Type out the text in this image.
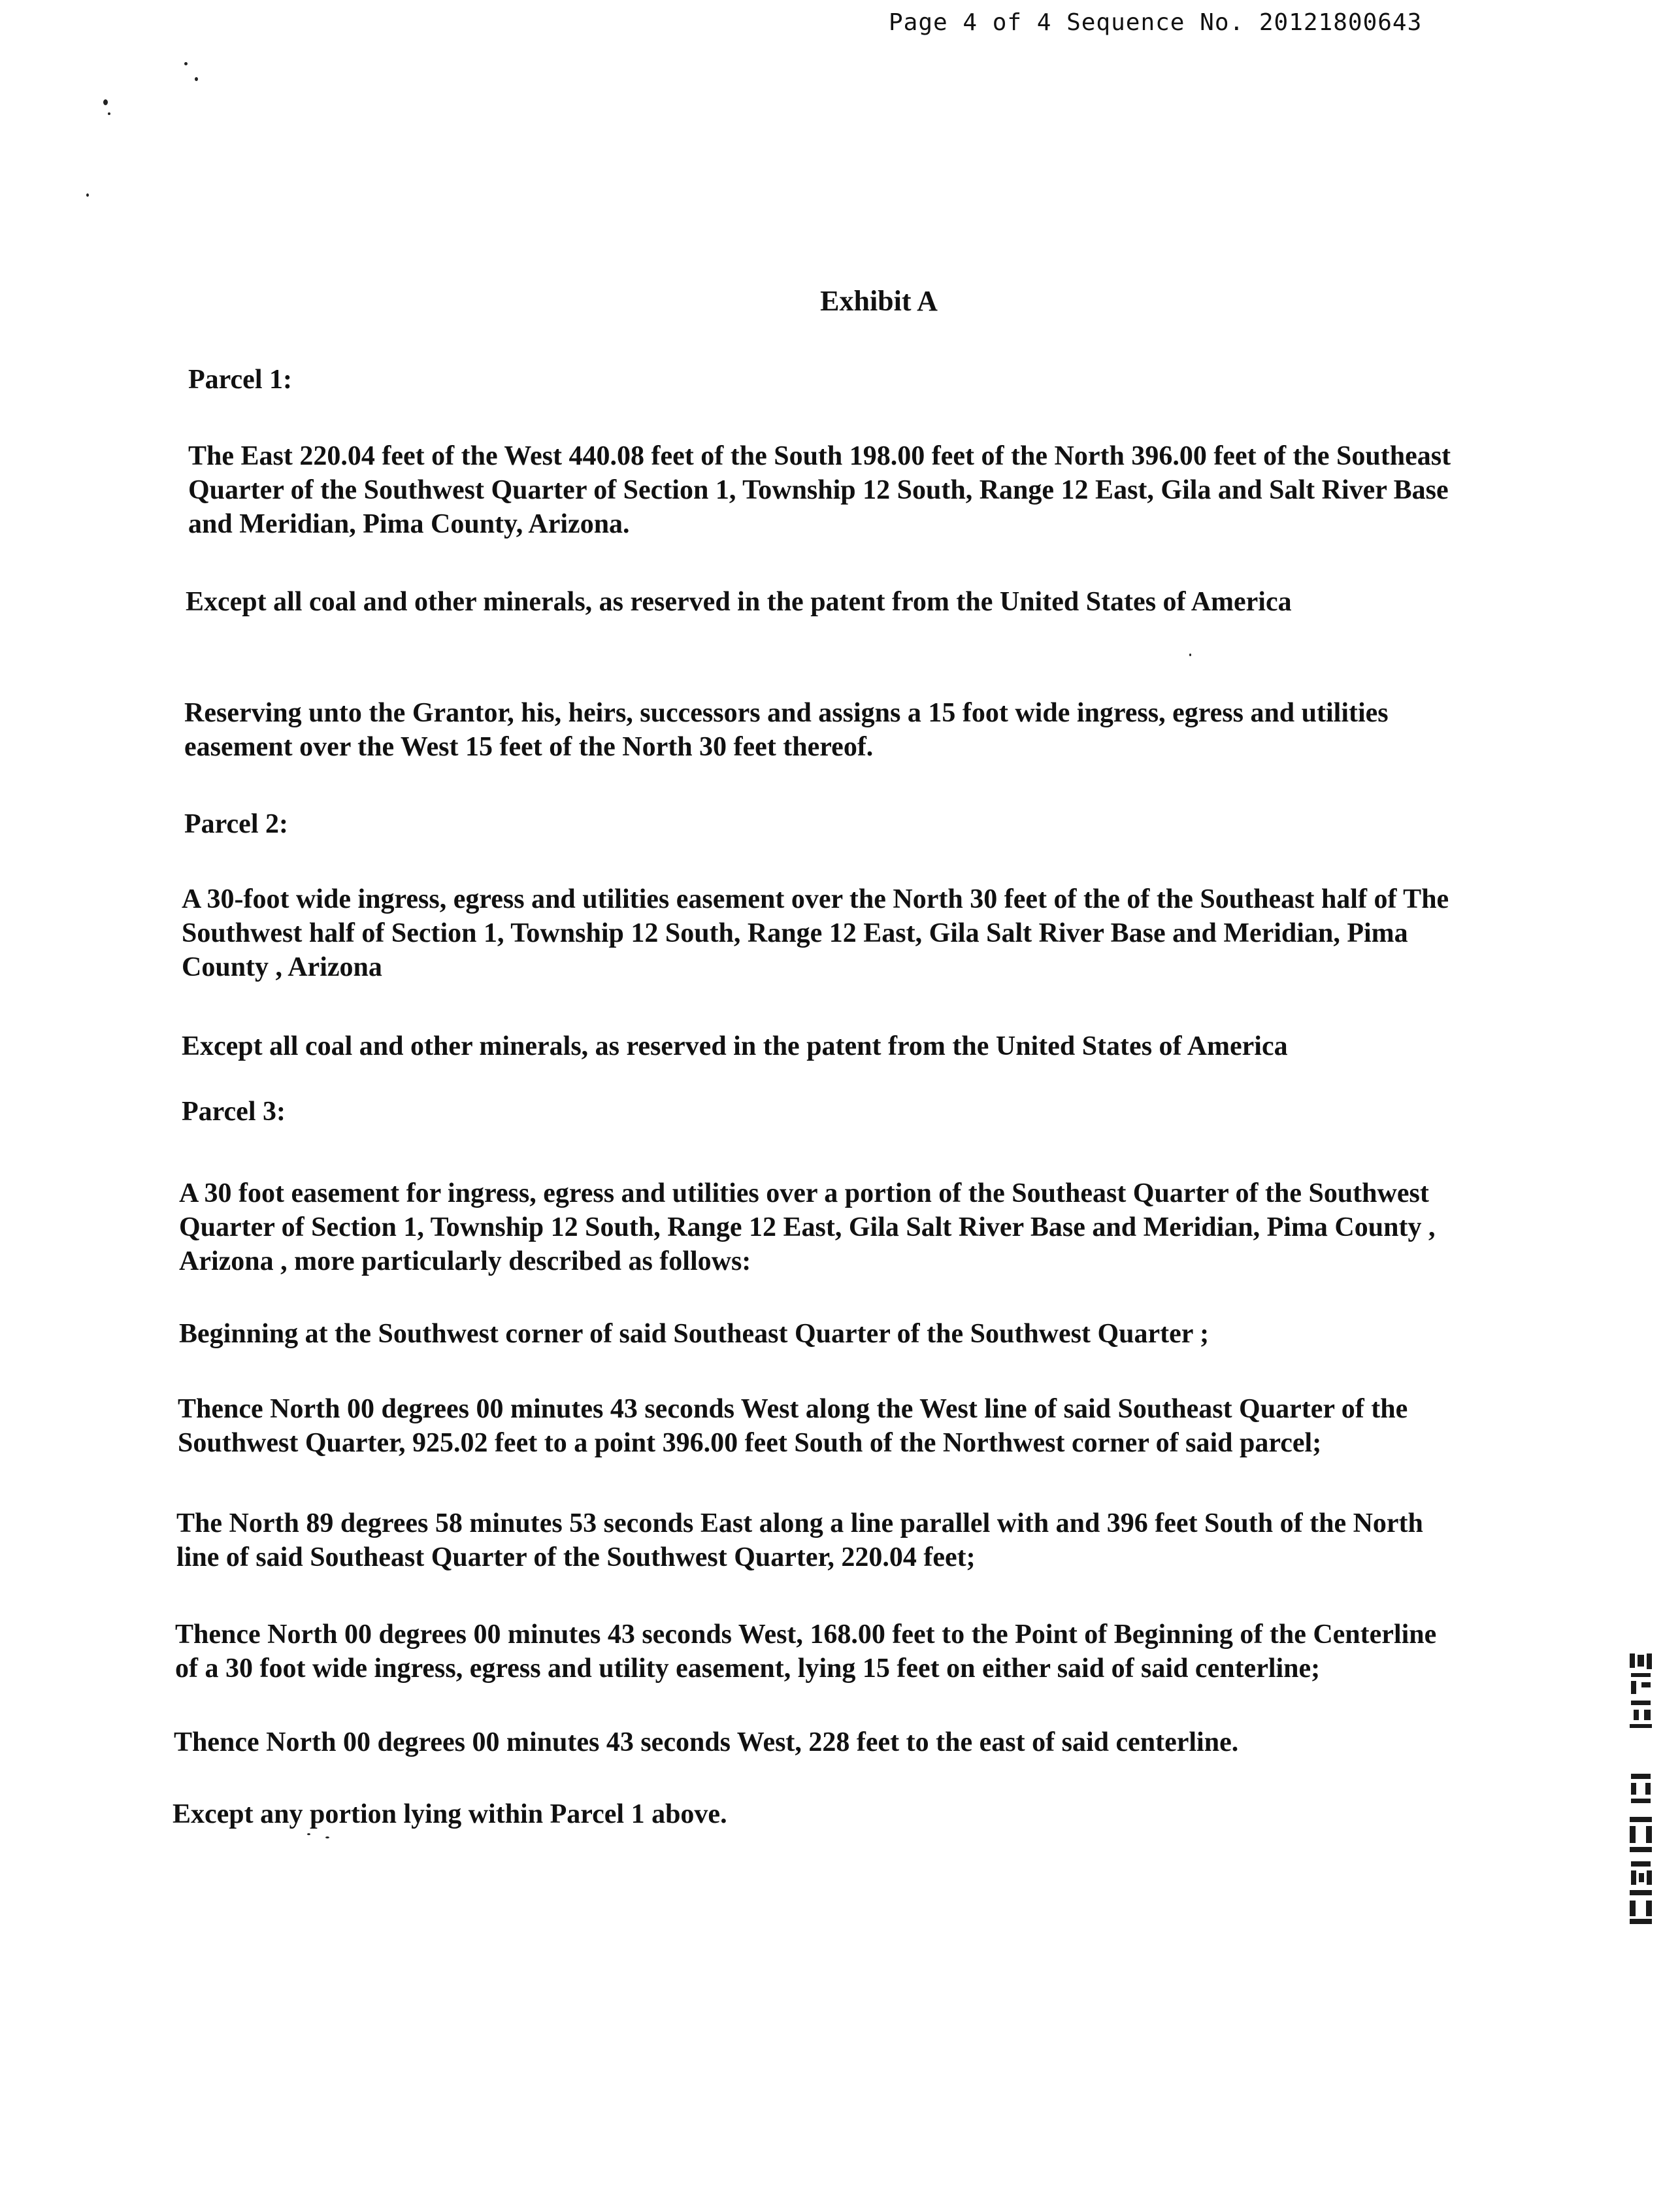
Page 4 of 4 Sequence No. 20121800643
Exhibit A

Parcel 1:

The East 220.04 feet of the West 440.08 feet of the South 198.00 feet of the North 396.00 feet of the Southeast
Quarter of the Southwest Quarter of Section 1, Township 12 South, Range 12 East, Gila and Salt River Base
and Meridian, Pima County, Arizona.

Except all coal and other minerals, as reserved in the patent from the United States of America

Reserving unto the Grantor, his, heirs, successors and assigns a 15 foot wide ingress, egress and utilities
easement over the West 15 feet of the North 30 feet thereof.

Parcel 2:

A 30-foot wide ingress, egress and utilities easement over the North 30 feet of the of the Southeast half of The
Southwest half of Section 1, Township 12 South, Range 12 East, Gila Salt River Base and Meridian, Pima
County , Arizona

Except all coal and other minerals, as reserved in the patent from the United States of America

Parcel 3:

A 30 foot easement for ingress, egress and utilities over a portion of the Southeast Quarter of the Southwest
Quarter of Section 1, Township 12 South, Range 12 East, Gila Salt River Base and Meridian, Pima County ,
Arizona , more particularly described as follows:

Beginning at the Southwest corner of said Southeast Quarter of the Southwest Quarter ;

Thence North 00 degrees 00 minutes 43 seconds West along the West line of said Southeast Quarter of the
Southwest Quarter, 925.02 feet to a point 396.00 feet South of the Northwest corner of said parcel;

The North 89 degrees 58 minutes 53 seconds East along a line parallel with and 396 feet South of the North
line of said Southeast Quarter of the Southwest Quarter, 220.04 feet;

Thence North 00 degrees 00 minutes 43 seconds West, 168.00 feet to the Point of Beginning of the Centerline
of a 30 foot wide ingress, egress and utility easement, lying 15 feet on either said of said centerline;

Thence North 00 degrees 00 minutes 43 seconds West, 228 feet to the east of said centerline.

Except any portion lying within Parcel 1 above.
